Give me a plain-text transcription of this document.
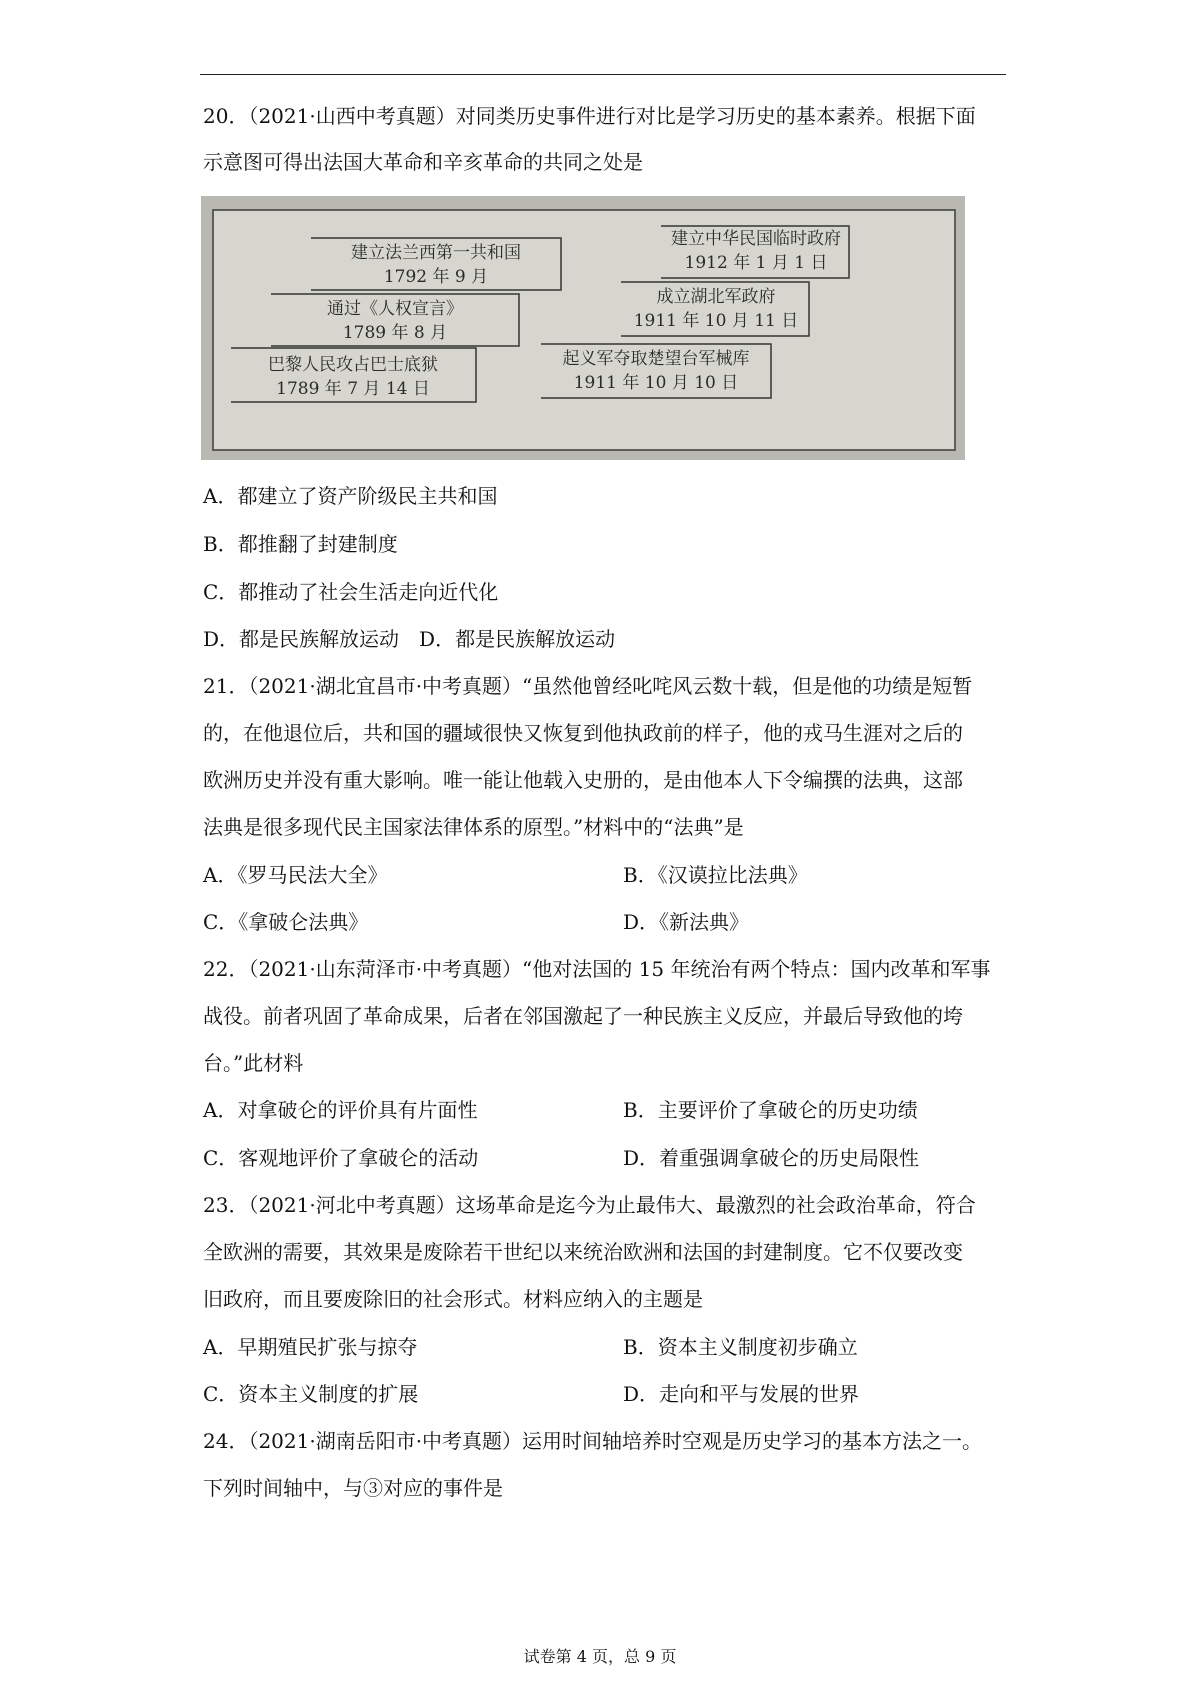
20．（2021·山西中考真题）对同类历史事件进行对比是学习历史的基本素养。根据下面
示意图可得出法国大革命和辛亥革命的共同之处是
建立法兰西第一共和国
1792 年 9 月
通过《人权宣言》
1789 年 8 月
巴黎人民攻占巴士底狱
1789 年 7 月 14 日
建立中华民国临时政府
1912 年 1 月 1 日
成立湖北军政府
1911 年 10 月 11 日
起义军夺取楚望台军械库
1911 年 10 月 10 日
A．都建立了资产阶级民主共和国
B．都推翻了封建制度
C．都推动了社会生活走向近代化
D．都是民族解放运动　D．都是民族解放运动
21．（2021·湖北宜昌市·中考真题）“虽然他曾经叱咤风云数十载，但是他的功绩是短暂
的，在他退位后，共和国的疆域很快又恢复到他执政前的样子，他的戎马生涯对之后的
欧洲历史并没有重大影响。唯一能让他载入史册的，是由他本人下令编撰的法典，这部
法典是很多现代民主国家法律体系的原型。”材料中的“法典”是
A．《罗马民法大全》	B．《汉谟拉比法典》
C．《拿破仑法典》	D．《新法典》
22．（2021·山东菏泽市·中考真题）“他对法国的 15 年统治有两个特点：国内改革和军事
战役。前者巩固了革命成果，后者在邻国激起了一种民族主义反应，并最后导致他的垮
台。”此材料
A．对拿破仑的评价具有片面性	B．主要评价了拿破仑的历史功绩
C．客观地评价了拿破仑的活动	D．着重强调拿破仑的历史局限性
23．（2021·河北中考真题）这场革命是迄今为止最伟大、最激烈的社会政治革命，符合
全欧洲的需要，其效果是废除若干世纪以来统治欧洲和法国的封建制度。它不仅要改变
旧政府，而且要废除旧的社会形式。材料应纳入的主题是
A．早期殖民扩张与掠夺	B．资本主义制度初步确立
C．资本主义制度的扩展	D．走向和平与发展的世界
24．（2021·湖南岳阳市·中考真题）运用时间轴培养时空观是历史学习的基本方法之一。
下列时间轴中，与③对应的事件是
试卷第 4 页，总 9 页
